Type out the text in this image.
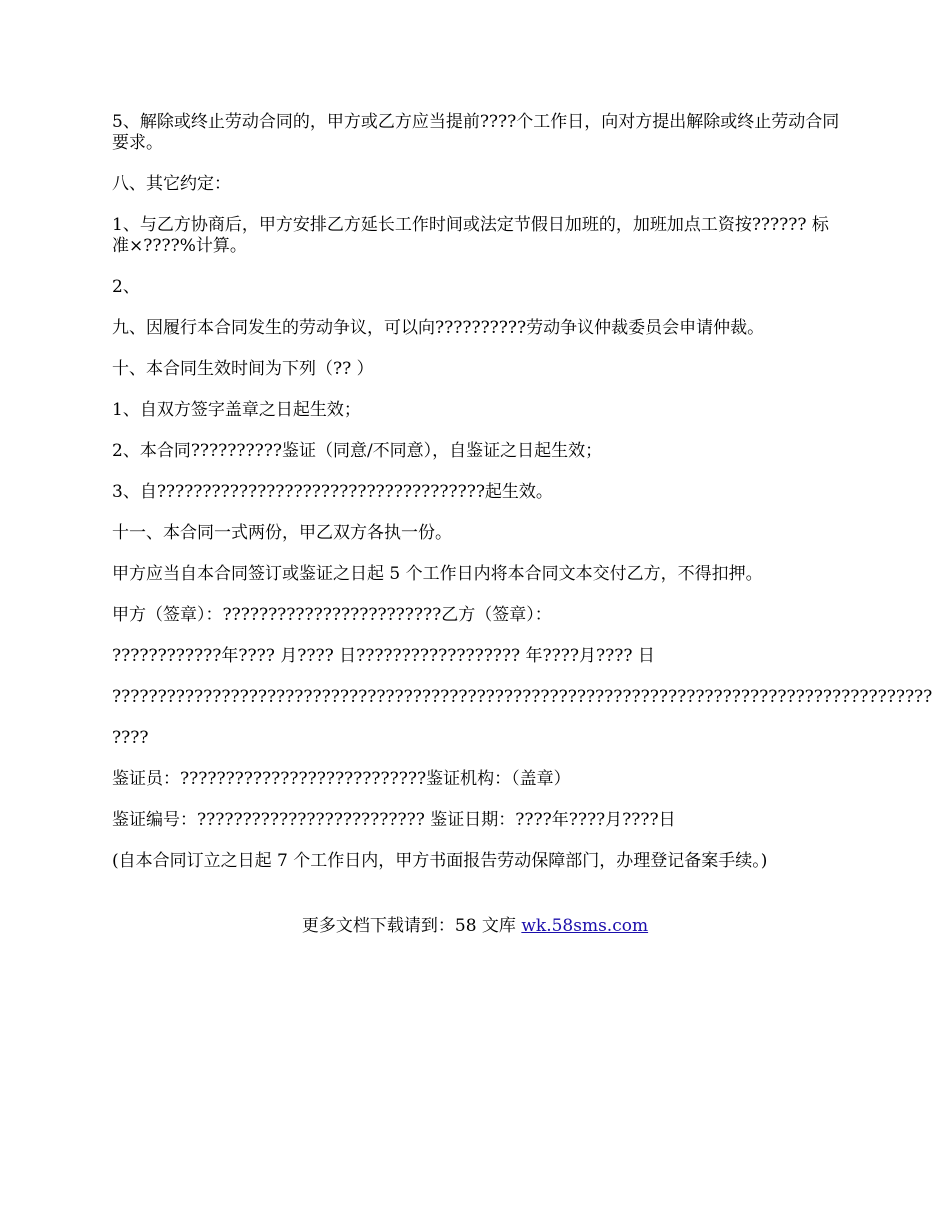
5、解除或终止劳动合同的，甲方或乙方应当提前????个工作日，向对方提出解除或终止劳动合同要求。

八、其它约定：

1、与乙方协商后，甲方安排乙方延长工作时间或法定节假日加班的，加班加点工资按?????? 标准×????%计算。

2、

九、因履行本合同发生的劳动争议，可以向??????????劳动争议仲裁委员会申请仲裁。

十、本合同生效时间为下列（?? ）

1、自双方签字盖章之日起生效；

2、本合同??????????鉴证（同意/不同意），自鉴证之日起生效；

3、自????????????????????????????????????起生效。

十一、本合同一式两份，甲乙双方各执一份。

甲方应当自本合同签订或鉴证之日起 5 个工作日内将本合同文本交付乙方，不得扣押。

甲方（签章）：????????????????????????乙方（签章）：

????????????年???? 月???? 日?????????????????? 年????月???? 日

??????????????????????????????????????????????????????????????????????????????????????????

????

鉴证员：???????????????????????????鉴证机构：（盖章）

鉴证编号：????????????????????????? 鉴证日期：????年????月????日

(自本合同订立之日起 7 个工作日内，甲方书面报告劳动保障部门，办理登记备案手续。)

更多文档下载请到：58 文库 wk.58sms.com
